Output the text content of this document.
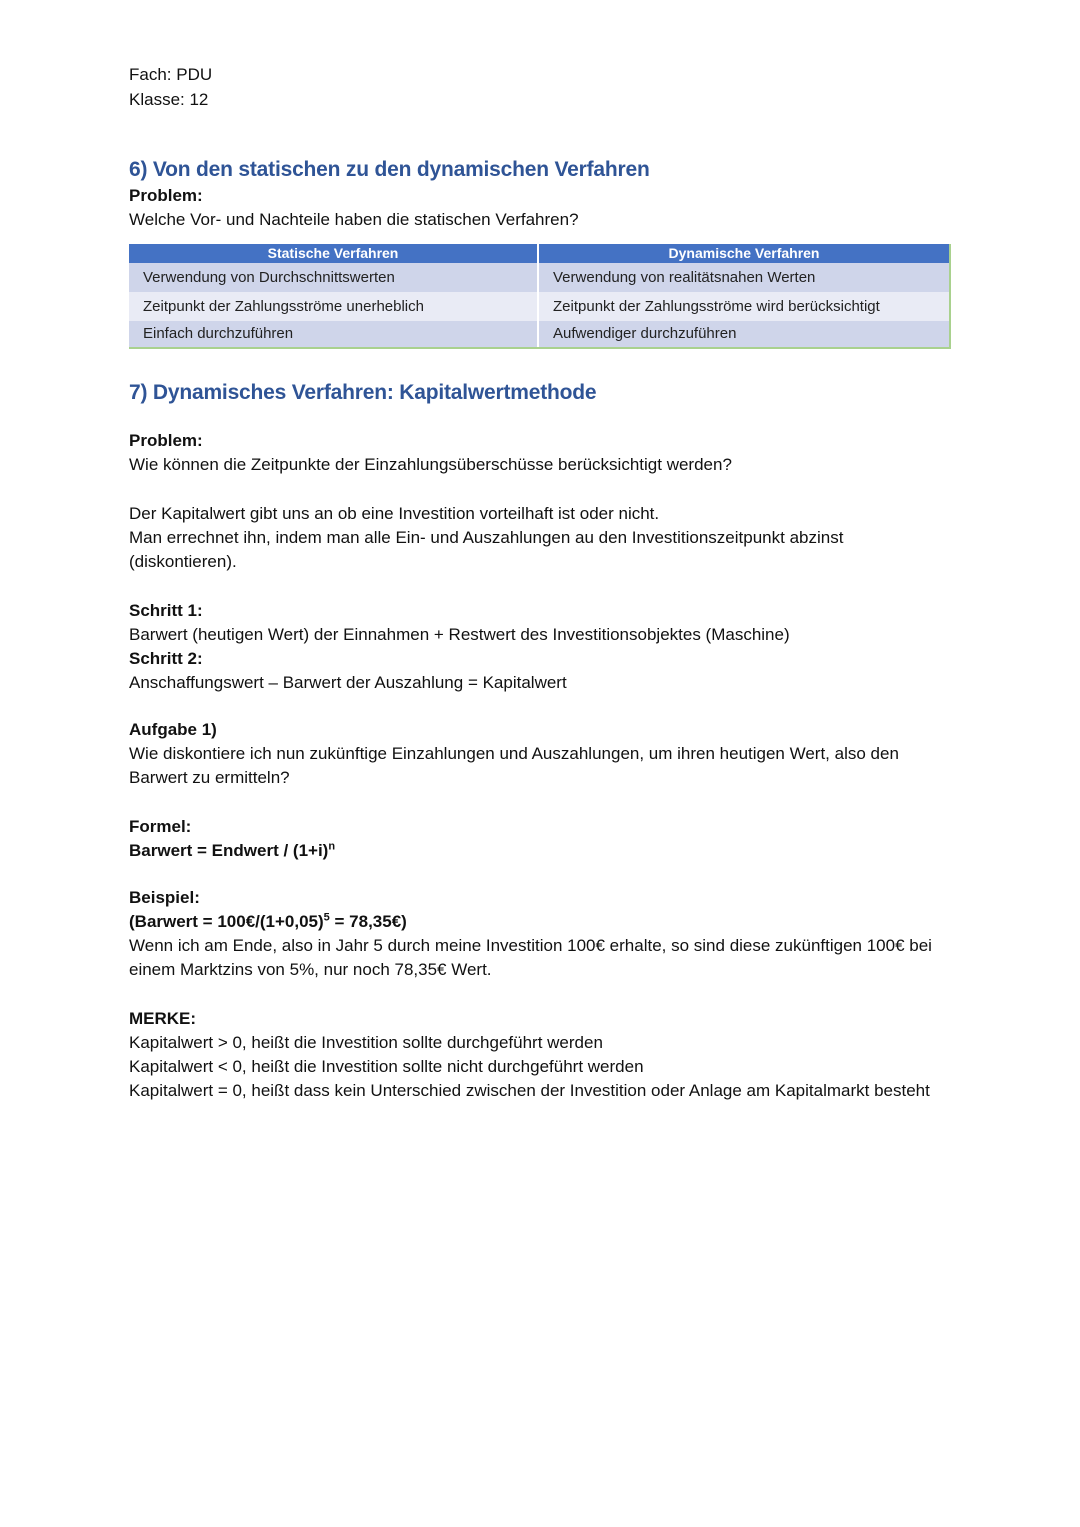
Fach: PDU

Klasse: 12

6) Von den statischen zu den dynamischen Verfahren

Problem:

Welche Vor- und Nachteile haben die statischen Verfahren?

Statische Verfahren	Dynamische Verfahren
Verwendung von Durchschnittswerten	Verwendung von realitätsnahen Werten
Zeitpunkt der Zahlungsströme unerheblich	Zeitpunkt der Zahlungsströme wird berücksichtigt
Einfach durchzuführen	Aufwendiger durchzuführen
7) Dynamisches Verfahren: Kapitalwertmethode

Problem:

Wie können die Zeitpunkte der Einzahlungsüberschüsse berücksichtigt werden?

Der Kapitalwert gibt uns an ob eine Investition vorteilhaft ist oder nicht.

Man errechnet ihn, indem man alle Ein- und Auszahlungen au den Investitionszeitpunkt abzinst (diskontieren).

Schritt 1:

Barwert (heutigen Wert) der Einnahmen + Restwert des Investitionsobjektes (Maschine)

Schritt 2:

Anschaffungswert – Barwert der Auszahlung = Kapitalwert

Aufgabe 1)

Wie diskontiere ich nun zukünftige Einzahlungen und Auszahlungen, um ihren heutigen Wert, also den Barwert zu ermitteln?

Formel:

Barwert = Endwert / $(1+i)^n$

Beispiel:

(Barwert = $100€/(1+0,05)^5$ = 78,35€)

Wenn ich am Ende, also in Jahr 5 durch meine Investition 100€ erhalte, so sind diese zukünftigen 100€ bei einem Marktzins von 5%, nur noch 78,35€ Wert.

MERKE:

Kapitalwert > 0, heißt die Investition sollte durchgeführt werden

Kapitalwert < 0, heißt die Investition sollte nicht durchgeführt werden

Kapitalwert = 0, heißt dass kein Unterschied zwischen der Investition oder Anlage am Kapitalmarkt besteht
